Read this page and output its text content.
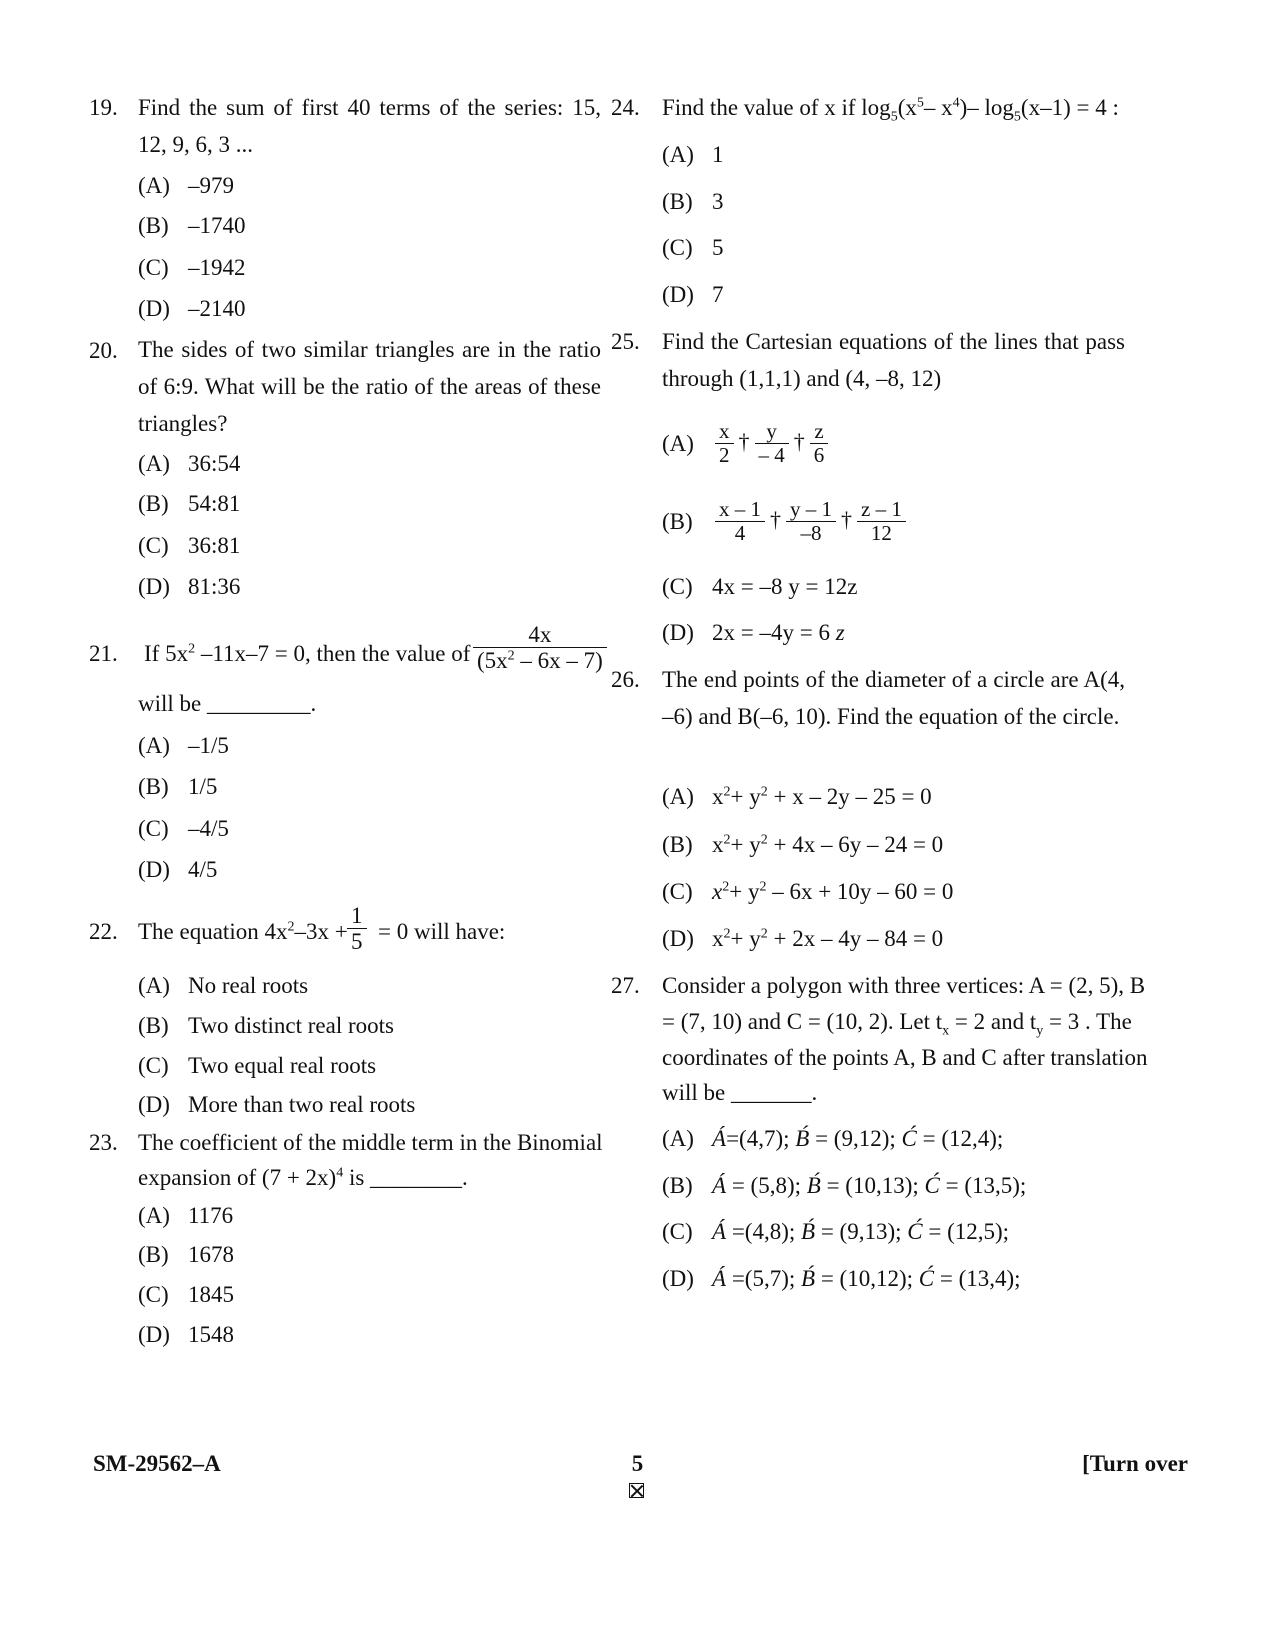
19. Find the sum of first 40 terms of the series: 15, 12, 9, 6, 3 ...
(A) –979
(B) –1740
(C) –1942
(D) –2140
20. The sides of two similar triangles are in the ratio of 6:9. What will be the ratio of the areas of these triangles?
(A) 36:54
(B) 54:81
(C) 36:81
(D) 81:36
21. If $5x^2$ –11x–7 = 0, then the value of $\frac{4x}{(5x^2 - 6x - 7)}$
will be _________.
(A) –1/5
(B) 1/5
(C) –4/5
(D) 4/5
22. The equation $4x^2-3x + \frac{1}{5} = 0$ will have:
(A) No real roots
(B) Two distinct real roots
(C) Two equal real roots
(D) More than two real roots
23. The coefficient of the middle term in the Binomial
expansion of $(7 + 2x)^4$ is ________.
(A) 1176
(B) 1678
(C) 1845
(D) 1548
24. Find the value of x if $\log_5(x^5-$ $x^4)-$ $\log_5(x-1) = 4$ :
(A) 1
(B) 3
(C) 5
(D) 7
25. Find the Cartesian equations of the lines that pass through (1,1,1) and (4, –8, 12)
$(A) \frac{x}{2}$ † $\frac{y}{- 4}$ † $\frac{z}{6}$
$(B) \frac{x - 1}{4}$ † $\frac{y - 1}{-8}$ † $\frac{z - 1}{12}$
(C) 4x = –8 y = 12z
(D) 2x = –4y = 6 z
26. The end points of the diameter of a circle are A(4, –6) and B(–6, 10). Find the equation of the circle.
(A) $x^2+ y^2 + x - 2y - 25 = 0$
(B) $x^2+ y^2 + 4x - 6y - 24 = 0$
(C) $x^2+ y^2 - 6x + 10y - 60 = 0$
(D) $x^2+ y^2 + 2x - 4y - 84 = 0$
27. Consider a polygon with three vertices: A = (2, 5), B
= (7, 10) and C = (10, 2). Let $t_x = 2$ and $t_y = 3$ . The
coordinates of the points A, B and C after translation
will be _______.
(A) Á=(4,7); B́ = (9,12); Ć = (12,4);
(B) Á = (5,8); B́ = (10,13); Ć = (13,5);
(C) Á =(4,8); B́ = (9,13); Ć = (12,5);
(D) Á =(5,7); B́ = (10,12); Ć = (13,4);
SM-29562–A	5	[Turn over
